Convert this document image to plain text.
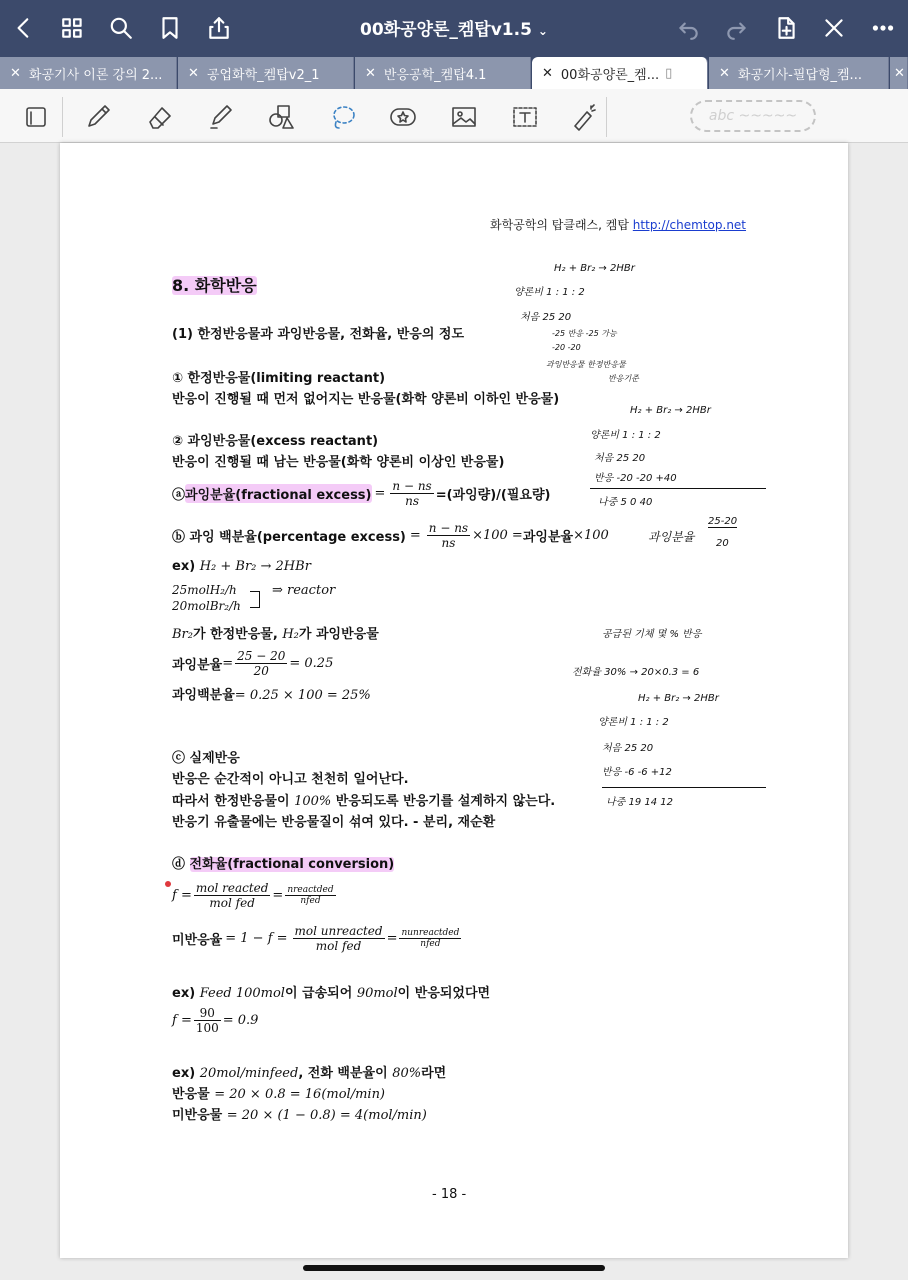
00화공양론_켐탑v1.5 ⌄
✕ 화공기사 이론 강의 2... ✕ 공업화학_켐탑v2_1	✕ 반응공학_켐탑4.1	✕ 00화공양론_켐... ▯	✕ 화공기사-필답형_켐... ✕
abc ~~~~~
화학공학의 탑클래스, 켐탑 http://chemtop.net
8. 화학반응
(1) 한정반응물과 과잉반응물, 전화율, 반응의 정도
① 한정반응물(limiting reactant)
반응이 진행될 때 먼저 없어지는 반응물(화학 양론비 이하인 반응물)
② 과잉반응물(excess reactant)
반응이 진행될 때 남는 반응물(화학 양론비 이상인 반응물)
ⓐ 과잉분율(fractional excess) = $\frac{n - ns}{ns}$ =(과잉량)/(필요량)
ⓑ 과잉 백분율(percentage excess) = $\frac{n - ns}{ns} \times 100$ = 과잉분율 ×100
ex) H₂ + Br₂ → 2HBr
25molH₂/h
20molBr₂/h
⇒ reactor
Br₂가 한정반응물, H₂가 과잉반응물
과잉분율 = $\frac{25 - 20}{20} = 0.25$
과잉백분율= 0.25 × 100 = 25%
ⓒ 실제반응
반응은 순간적이 아니고 천천히 일어난다.
따라서 한정반응물이 100% 반응되도록 반응기를 설계하지 않는다.
반응기 유출물에는 반응물질이 섞여 있다. - 분리, 재순환
ⓓ 전화율(fractional conversion)
$f = \frac{\text{mol reacted}}{\text{mol fed}} = \frac{\text{nreactded}}{\text{nfed}}$
미반응율 = $1 - f = \frac{\text{mol unreacted}}{\text{mol fed}} = \frac{\text{nunreactded}}{\text{nfed}}$
ex) Feed 100mol이 급송되어 90mol이 반응되었다면
$f = \frac{90}{100} = 0.9$
ex) 20mol/minfeed, 전화 백분율이 80%라면
반응물 = 20 × 0.8 = 16(mol/min)
미반응물 = 20 × (1 − 0.8) = 4(mol/min)
- 18 -
H₂ + Br₂ → 2HBr
양론비 1 : 1 : 2
처음 25 20
-25 반응 -25 가능
-20 -20
과잉반응물 한정반응물
반응기준
H₂ + Br₂ → 2HBr
양론비 1 : 1 : 2
처음 25 20
반응 -20 -20 +40
나중 5 0 40
과잉분율
25-20
20
공급된 기체 몇 % 반응
전화율 30% → 20×0.3 = 6
H₂ + Br₂ → 2HBr
양론비 1 : 1 : 2
처음 25 20
반응 -6 -6 +12
나중 19 14 12
